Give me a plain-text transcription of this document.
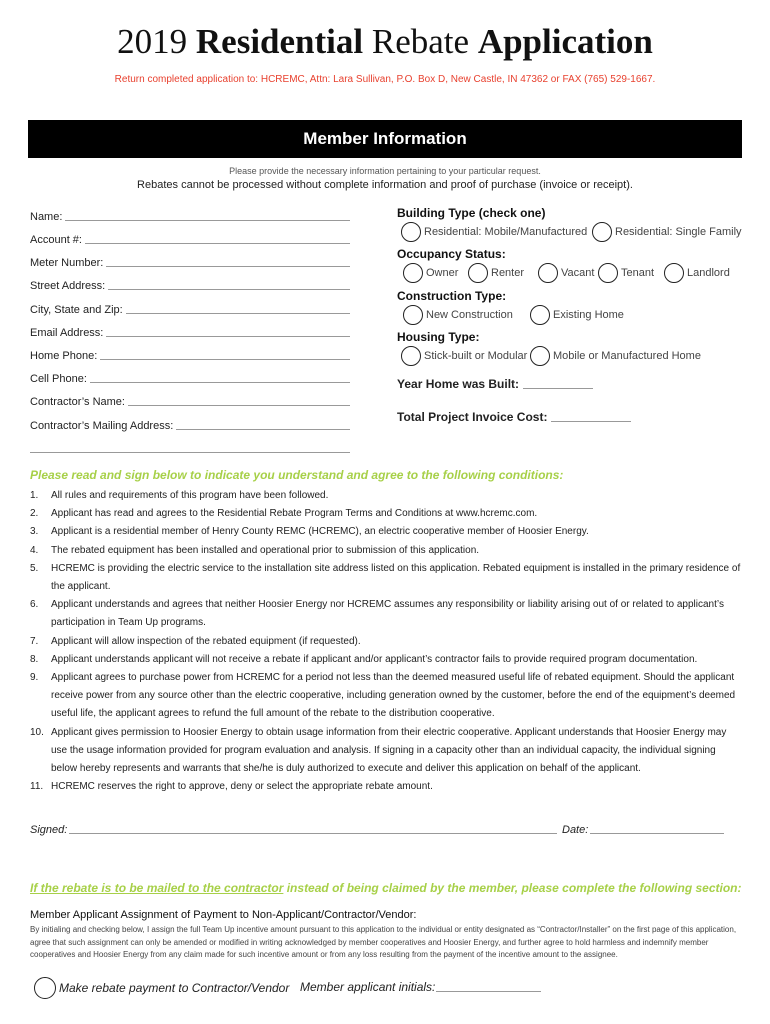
2019 Residential Rebate Application
Return completed application to: HCREMC, Attn: Lara Sullivan, P.O. Box D, New Castle, IN 47362 or FAX (765) 529-1667.
Member Information
Please provide the necessary information pertaining to your particular request.
Rebates cannot be processed without complete information and proof of purchase (invoice or receipt).
Name:
Account #:
Meter Number:
Street Address:
City, State and Zip:
Email Address:
Home Phone:
Cell Phone:
Contractor’s Name:
Contractor’s Mailing Address:
Building Type (check one)
Residential: Mobile/Manufactured	Residential: Single Family
Occupancy Status:
Owner	Renter	Vacant Tenant	Landlord
Construction Type:
New Construction	Existing Home
Housing Type:
Stick-built or Modular Mobile or Manufactured Home
Year Home was Built:
Total Project Invoice Cost:
Please read and sign below to indicate you understand and agree to the following conditions:
1.	All rules and requirements of this program have been followed.
2.	Applicant has read and agrees to the Residential Rebate Program Terms and Conditions at www.hcremc.com.
3.	Applicant is a residential member of Henry County REMC (HCREMC), an electric cooperative member of Hoosier Energy.
4.	The rebated equipment has been installed and operational prior to submission of this application.
5.	HCREMC is providing the electric service to the installation site address listed on this application. Rebated equipment is installed in the primary residence of the applicant.
6.	Applicant understands and agrees that neither Hoosier Energy nor HCREMC assumes any responsibility or liability arising out of or related to applicant’s participation in Team Up programs.
7.	Applicant will allow inspection of the rebated equipment (if requested).
8.	Applicant understands applicant will not receive a rebate if applicant and/or applicant’s contractor fails to provide required program documentation.
9.	Applicant agrees to purchase power from HCREMC for a period not less than the deemed measured useful life of rebated equipment. Should the applicant receive power from any source other than the electric cooperative, including generation owned by the customer, before the end of the equipment’s deemed useful life, the applicant agrees to refund the full amount of the rebate to the distribution cooperative.
10. Applicant gives permission to Hoosier Energy to obtain usage information from their electric cooperative. Applicant understands that Hoosier Energy may use the usage information provided for program evaluation and analysis. If signing in a capacity other than an individual capacity, the individual signing below hereby represents and warrants that she/he is duly authorized to execute and deliver this application on behalf of the applicant.
11. HCREMC reserves the right to approve, deny or select the appropriate rebate amount.
Signed:	Date:
If the rebate is to be mailed to the contractor instead of being claimed by the member, please complete the following section:
Member Applicant Assignment of Payment to Non-Applicant/Contractor/Vendor:
By initialing and checking below, I assign the full Team Up incentive amount pursuant to this application to the individual or entity designated as “Contractor/Installer” on the first page of this application, agree that such assignment can only be amended or modified in writing acknowledged by member cooperatives and Hoosier Energy, and further agree to hold harmless and indemnify member cooperatives and Hoosier Energy from any claim made for such incentive amount or from any loss resulting from the payment of the incentive amount to the assignee.
Make rebate payment to Contractor/Vendor Member applicant initials:
